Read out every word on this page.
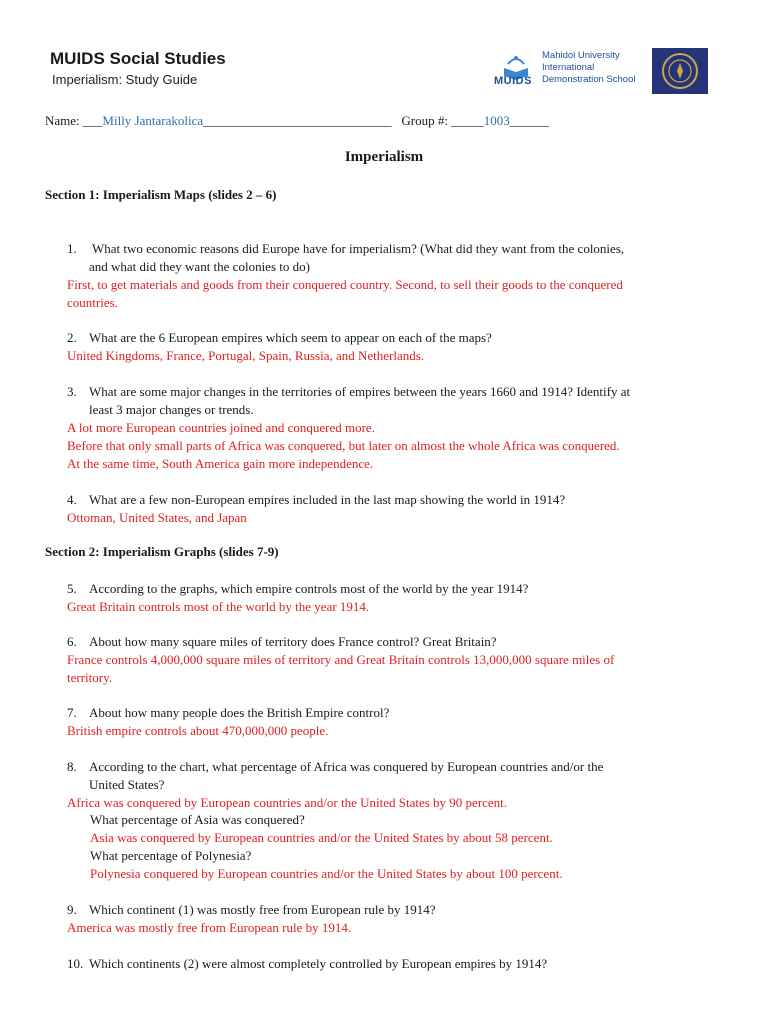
MUIDS Social Studies
Imperialism: Study Guide	MUIDS
Mahidol University
International
Demonstration School
Name: ___Milly Jantarakolica_____________________________ Group #: _____1003______
Imperialism
Section 1: Imperialism Maps (slides 2 – 6)
1. What two economic reasons did Europe have for imperialism? (What did they want from the colonies,
and what did they want the colonies to do)
First, to get materials and goods from their conquered country. Second, to sell their goods to the conquered
countries.
2. What are the 6 European empires which seem to appear on each of the maps?
United Kingdoms, France, Portugal, Spain, Russia, and Netherlands.
3. What are some major changes in the territories of empires between the years 1660 and 1914? Identify at
least 3 major changes or trends.
A lot more European countries joined and conquered more.
Before that only small parts of Africa was conquered, but later on almost the whole Africa was conquered.
At the same time, South America gain more independence.
4. What are a few non-European empires included in the last map showing the world in 1914?
Ottoman, United States, and Japan
Section 2: Imperialism Graphs (slides 7-9)
5. According to the graphs, which empire controls most of the world by the year 1914?
Great Britain controls most of the world by the year 1914.
6. About how many square miles of territory does France control? Great Britain?
France controls 4,000,000 square miles of territory and Great Britain controls 13,000,000 square miles of
territory.
7. About how many people does the British Empire control?
British empire controls about 470,000,000 people.
8. According to the chart, what percentage of Africa was conquered by European countries and/or the
United States?
Africa was conquered by European countries and/or the United States by 90 percent.
What percentage of Asia was conquered?
Asia was conquered by European countries and/or the United States by about 58 percent.
What percentage of Polynesia?
Polynesia conquered by European countries and/or the United States by about 100 percent.
9. Which continent (1) was mostly free from European rule by 1914?
America was mostly free from European rule by 1914.
10. Which continents (2) were almost completely controlled by European empires by 1914?
